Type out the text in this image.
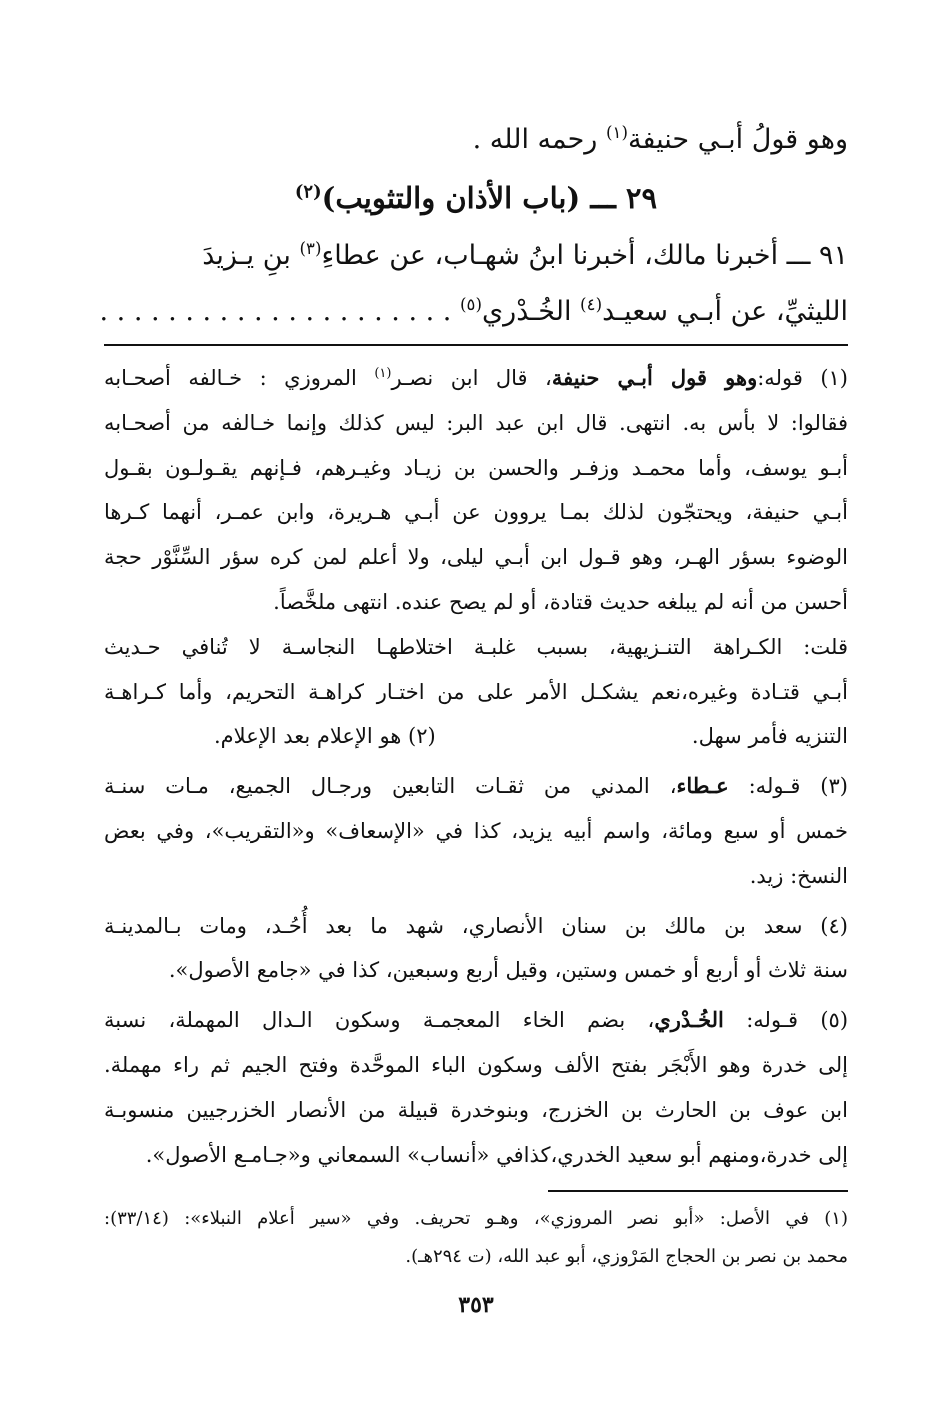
وهو قولُ أبـي حنيفة$^{(١)}$ رحمه الله .
٢٩ ـــ (باب الأذان والتثويب)$^{(٢)}$
٩١ ـــ أخبرنا مالك، أخبرنا ابنُ شهـاب، عن عطاءِ$^{(٣)}$ بنِ يـزيدَ
الليثيِّ، عن أبـي سعيـد$^{(٤)}$ الخُـدْري$^{(٥)}$ . . . . . . . . . . . . . . . . . . . . .
(١) قوله:وهو قول أبـي حنيفة، قال ابن نصـر$^{(١)}$ المروزي : خـالفه أصحـابه
فقالوا: لا بأس به. انتهى. قال ابن عبد البر: ليس كذلك وإنما خـالفه من أصحـابه
أبـو يوسف، وأما محمـد وزفـر والحسن بن زيـاد وغيـرهم، فـإنهم يقـولـون بقـول
أبـي حنيفة، ويحتجّون لذلك بمـا يروون عن أبـي هـريرة، وابن عمـر، أنهما كـرها
الوضوء بسؤر الهـر، وهو قـول ابن أبـي ليلى، ولا أعلم لمن كره سؤر السِّنَّوْر حجة
أحسن من أنه لم يبلغه حديث قتادة، أو لم يصح عنده. انتهى ملخَّصاً.
قلت: الكـراهة التنـزيهية، بسبب غلبـة اختلاطهـا النجاسـة لا تُنافي حـديث
أبـي قتـادة وغيره،نعم يشكـل الأمر على من اختـار كراهـة التحريم، وأما كـراهـة
التنزيه فأمر سهل.
(٢) هو الإعلام بعد الإعلام.
(٣) قـوله: عـطاء، المدني من ثقـات التابعين ورجـال الجميع، مـات سنـة
خمس أو سبع ومائة، واسم أبيه يزيد، كذا في «الإسعاف» و«التقريب»، وفي بعض
النسخ: زيد.
(٤) سعد بن مالك بن سنان الأنصاري، شهد ما بعد أُحُـد، ومات بـالمدينـة
سنة ثلاث أو أربع أو خمس وستين، وقيل أربع وسبعين، كذا في «جامع الأصول».
(٥) قـوله: الخُـدْري، بضم الخاء المعجمـة وسكون الـدال المهملة، نسبة
إلى خدرة وهو الأَبْجَر بفتح الألف وسكون الباء الموحَّدة وفتح الجيم ثم راء مهملة.
ابن عوف بن الحارث بن الخزرج، وبنوخدرة قبيلة من الأنصار الخزرجيين منسوبـة
إلى خدرة،ومنهم أبو سعيد الخدري،كذافي «أنساب» السمعاني و«جـامـع الأصول».
(١) في الأصل: «أبو نصر المروزي»، وهـو تحريف. وفي «سير أعلام النبلاء»: (٣٣/١٤):
محمد بن نصر بن الحجاج المَرْوزي، أبو عبد الله، (ت ٢٩٤هـ).
٣٥٣
